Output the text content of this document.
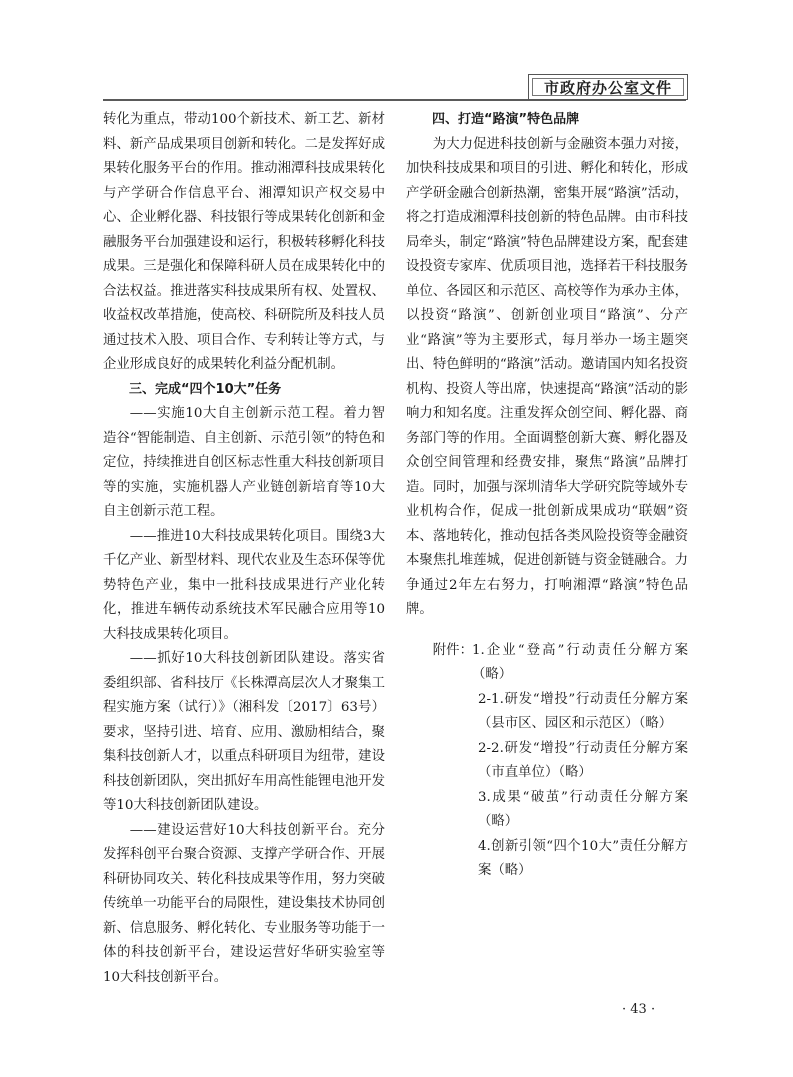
市政府办公室文件

转化为重点，带动100个新技术、新工艺、新材料、新产品成果项目创新和转化。二是发挥好成果转化服务平台的作用。推动湘潭科技成果转化与产学研合作信息平台、湘潭知识产权交易中心、企业孵化器、科技银行等成果转化创新和金融服务平台加强建设和运行，积极转移孵化科技成果。三是强化和保障科研人员在成果转化中的合法权益。推进落实科技成果所有权、处置权、收益权改革措施，使高校、科研院所及科技人员通过技术入股、项目合作、专利转让等方式，与企业形成良好的成果转化利益分配机制。

三、完成“四个10大”任务

——实施10大自主创新示范工程。着力智造谷“智能制造、自主创新、示范引领”的特色和定位，持续推进自创区标志性重大科技创新项目等的实施，实施机器人产业链创新培育等10大自主创新示范工程。

——推进10大科技成果转化项目。围绕3大千亿产业、新型材料、现代农业及生态环保等优势特色产业，集中一批科技成果进行产业化转化，推进车辆传动系统技术军民融合应用等10大科技成果转化项目。

——抓好10大科技创新团队建设。落实省委组织部、省科技厅《长株潭高层次人才聚集工程实施方案（试行）》（湘科发〔2017〕63号）要求，坚持引进、培育、应用、激励相结合，聚集科技创新人才，以重点科研项目为纽带，建设科技创新团队，突出抓好车用高性能锂电池开发等10大科技创新团队建设。

——建设运营好10大科技创新平台。充分发挥科创平台聚合资源、支撑产学研合作、开展科研协同攻关、转化科技成果等作用，努力突破传统单一功能平台的局限性，建设集技术协同创新、信息服务、孵化转化、专业服务等功能于一体的科技创新平台，建设运营好华研实验室等10大科技创新平台。

四、打造“路演”特色品牌

为大力促进科技创新与金融资本强力对接，加快科技成果和项目的引进、孵化和转化，形成产学研金融合创新热潮，密集开展“路演”活动，将之打造成湘潭科技创新的特色品牌。由市科技局牵头，制定“路演”特色品牌建设方案，配套建设投资专家库、优质项目池，选择若干科技服务单位、各园区和示范区、高校等作为承办主体，以投资“路演”、创新创业项目“路演”、分产业“路演”等为主要形式，每月举办一场主题突出、特色鲜明的“路演”活动。邀请国内知名投资机构、投资人等出席，快速提高“路演”活动的影响力和知名度。注重发挥众创空间、孵化器、商务部门等的作用。全面调整创新大赛、孵化器及众创空间管理和经费安排，聚焦“路演”品牌打造。同时，加强与深圳清华大学研究院等域外专业机构合作，促成一批创新成果成功“联姻”资本、落地转化，推动包括各类风险投资等金融资本聚焦扎堆莲城，促进创新链与资金链融合。力争通过2年左右努力，打响湘潭“路演”特色品牌。

附件： 1.企业“登高”行动责任分解方案（略）

2-1.研发“增投”行动责任分解方案（县市区、园区和示范区）（略）

2-2.研发“增投”行动责任分解方案（市直单位）（略）

3.成果“破茧”行动责任分解方案（略）

4.创新引领“四个10大”责任分解方案（略）

· 43 ·
